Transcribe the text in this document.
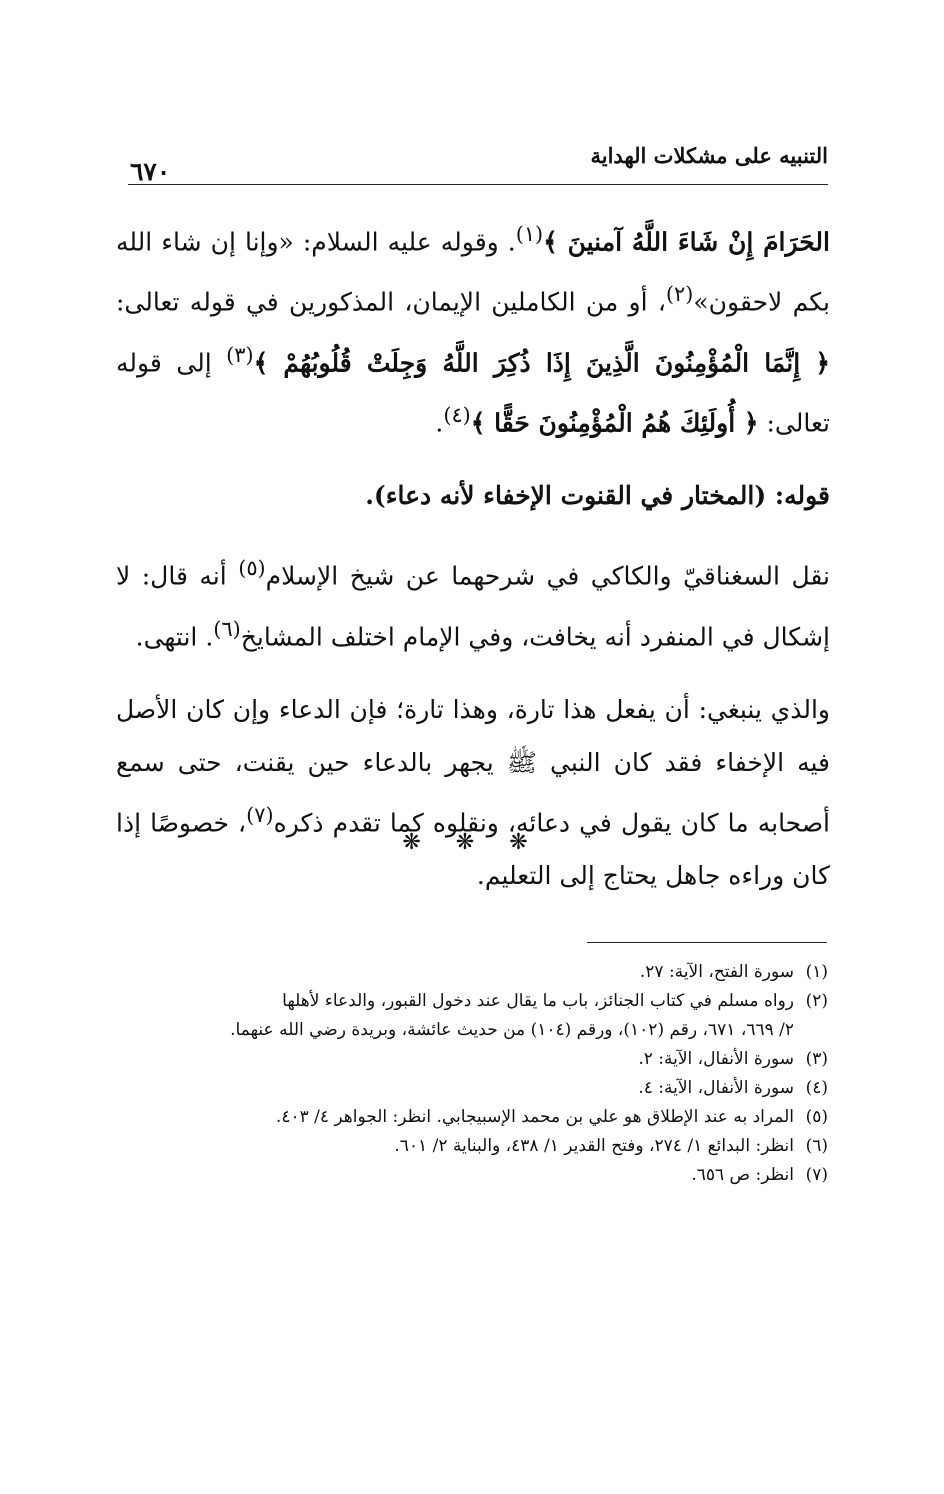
التنبيه على مشكلات الهداية
٦٧٠

الحَرَامَ إِنْ شَاءَ اللَّهُ آمنينَ ﴾$^{(١)}$. وقوله عليه السلام: «وإنا إن شاء الله بكم لاحقون»$^{(٢)}$، أو من الكاملين الإيمان، المذكورين في قوله تعالى: ﴿ إِنَّمَا الْمُؤْمِنُونَ الَّذِينَ إِذَا ذُكِرَ اللَّهُ وَجِلَتْ قُلُوبُهُمْ ﴾$^{(٣)}$ إلى قوله تعالى: ﴿ أُولَئِكَ هُمُ الْمُؤْمِنُونَ حَقًّا ﴾$^{(٤)}$.

قوله: (المختار في القنوت الإخفاء لأنه دعاء).

نقل السغناقيّ والكاكي في شرحهما عن شيخ الإسلام$^{(٥)}$ أنه قال: لا إشكال في المنفرد أنه يخافت، وفي الإمام اختلف المشايخ$^{(٦)}$. انتهى.

والذي ينبغي: أن يفعل هذا تارة، وهذا تارة؛ فإن الدعاء وإن كان الأصل فيه الإخفاء فقد كان النبي ﷺ يجهر بالدعاء حين يقنت، حتى سمع أصحابه ما كان يقول في دعائه، ونقلوه كما تقدم ذكره$^{(٧)}$، خصوصًا إذا كان وراءه جاهل يحتاج إلى التعليم.

❋ ❋ ❋

(١)سورة الفتح، الآية: ٢٧.

(٢)رواه مسلم في كتاب الجنائز، باب ما يقال عند دخول القبور، والدعاء لأهلها
٢/ ٦٦٩، ٦٧١، رقم (١٠٢)، ورقم (١٠٤) من حديث عائشة، وبريدة رضي الله عنهما.

(٣)سورة الأنفال، الآية: ٢.

(٤)سورة الأنفال، الآية: ٤.

(٥)المراد به عند الإطلاق هو علي بن محمد الإسبيجابي. انظر: الجواهر ٤/ ٤٠٣.

(٦)انظر: البدائع ١/ ٢٧٤، وفتح القدير ١/ ٤٣٨، والبناية ٢/ ٦٠١.

(٧)انظر: ص ٦٥٦.
